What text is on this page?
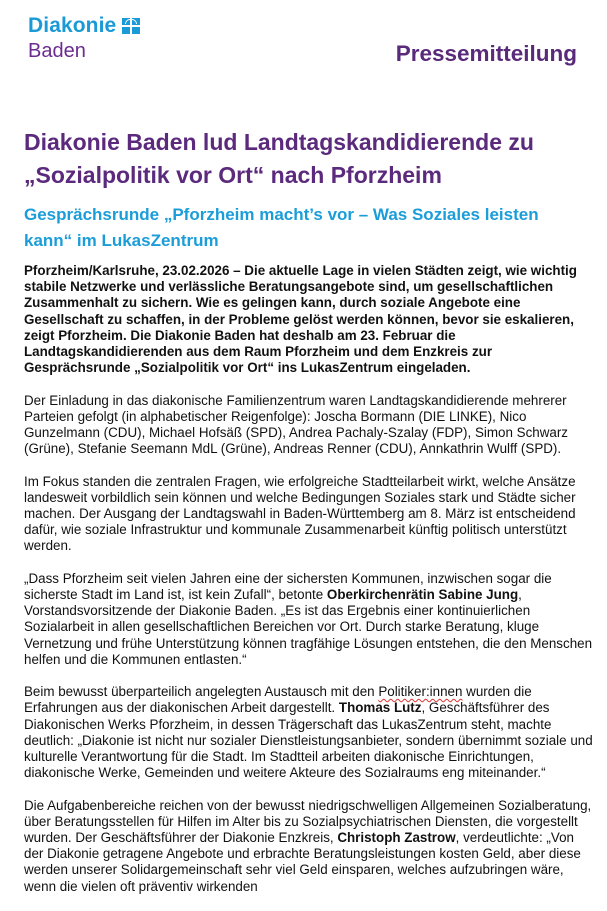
Diakonie
Baden	Pressemitteilung
Diakonie Baden lud Landtagskandidierende zu „Sozialpolitik vor Ort“ nach Pforzheim
Gesprächsrunde „Pforzheim macht’s vor – Was Soziales leisten kann“ im LukasZentrum

Pforzheim/Karlsruhe, 23.02.2026 – Die aktuelle Lage in vielen Städten zeigt, wie wichtig stabile Netzwerke und verlässliche Beratungsangebote sind, um gesellschaftlichen Zusammenhalt zu sichern. Wie es gelingen kann, durch soziale Angebote eine Gesellschaft zu schaffen, in der Probleme gelöst werden können, bevor sie eskalieren, zeigt Pforzheim. Die Diakonie Baden hat deshalb am 23. Februar die Landtagskandidierenden aus dem Raum Pforzheim und dem Enzkreis zur Gesprächsrunde „Sozialpolitik vor Ort“ ins LukasZentrum eingeladen.

Der Einladung in das diakonische Familienzentrum waren Landtagskandidierende mehrerer Parteien gefolgt (in alphabetischer Reigenfolge): Joscha Bormann (DIE LINKE), Nico Gunzelmann (CDU), Michael Hofsäß (SPD), Andrea Pachaly-Szalay (FDP), Simon Schwarz (Grüne), Stefanie Seemann MdL (Grüne), Andreas Renner (CDU), Annkathrin Wulff (SPD).

Im Fokus standen die zentralen Fragen, wie erfolgreiche Stadtteilarbeit wirkt, welche Ansätze landesweit vorbildlich sein können und welche Bedingungen Soziales stark und Städte sicher machen. Der Ausgang der Landtagswahl in Baden-Württemberg am 8. März ist entscheidend dafür, wie soziale Infrastruktur und kommunale Zusammenarbeit künftig politisch unterstützt werden.

„Dass Pforzheim seit vielen Jahren eine der sichersten Kommunen, inzwischen sogar die sicherste Stadt im Land ist, ist kein Zufall“, betonte Oberkirchenrätin Sabine Jung, Vorstandsvorsitzende der Diakonie Baden. „Es ist das Ergebnis einer kontinuierlichen Sozialarbeit in allen gesellschaftlichen Bereichen vor Ort. Durch starke Beratung, kluge Vernetzung und frühe Unterstützung können tragfähige Lösungen entstehen, die den Menschen helfen und die Kommunen entlasten.“

Beim bewusst überparteilich angelegten Austausch mit den Politiker:innen wurden die Erfahrungen aus der diakonischen Arbeit dargestellt. Thomas Lutz, Geschäftsführer des Diakonischen Werks Pforzheim, in dessen Trägerschaft das LukasZentrum steht, machte deutlich: „Diakonie ist nicht nur sozialer Dienstleistungsanbieter, sondern übernimmt soziale und kulturelle Verantwortung für die Stadt. Im Stadtteil arbeiten diakonische Einrichtungen, diakonische Werke, Gemeinden und weitere Akteure des Sozialraums eng miteinander.“

Die Aufgabenbereiche reichen von der bewusst niedrigschwelligen Allgemeinen Sozialberatung, über Beratungsstellen für Hilfen im Alter bis zu Sozialpsychiatrischen Diensten, die vorgestellt wurden. Der Geschäftsführer der Diakonie Enzkreis, Christoph Zastrow, verdeutlichte: „Von der Diakonie getragene Angebote und erbrachte Beratungsleistungen kosten Geld, aber diese werden unserer Solidargemeinschaft sehr viel Geld einsparen, welches aufzubringen wäre, wenn die vielen oft präventiv wirkenden
